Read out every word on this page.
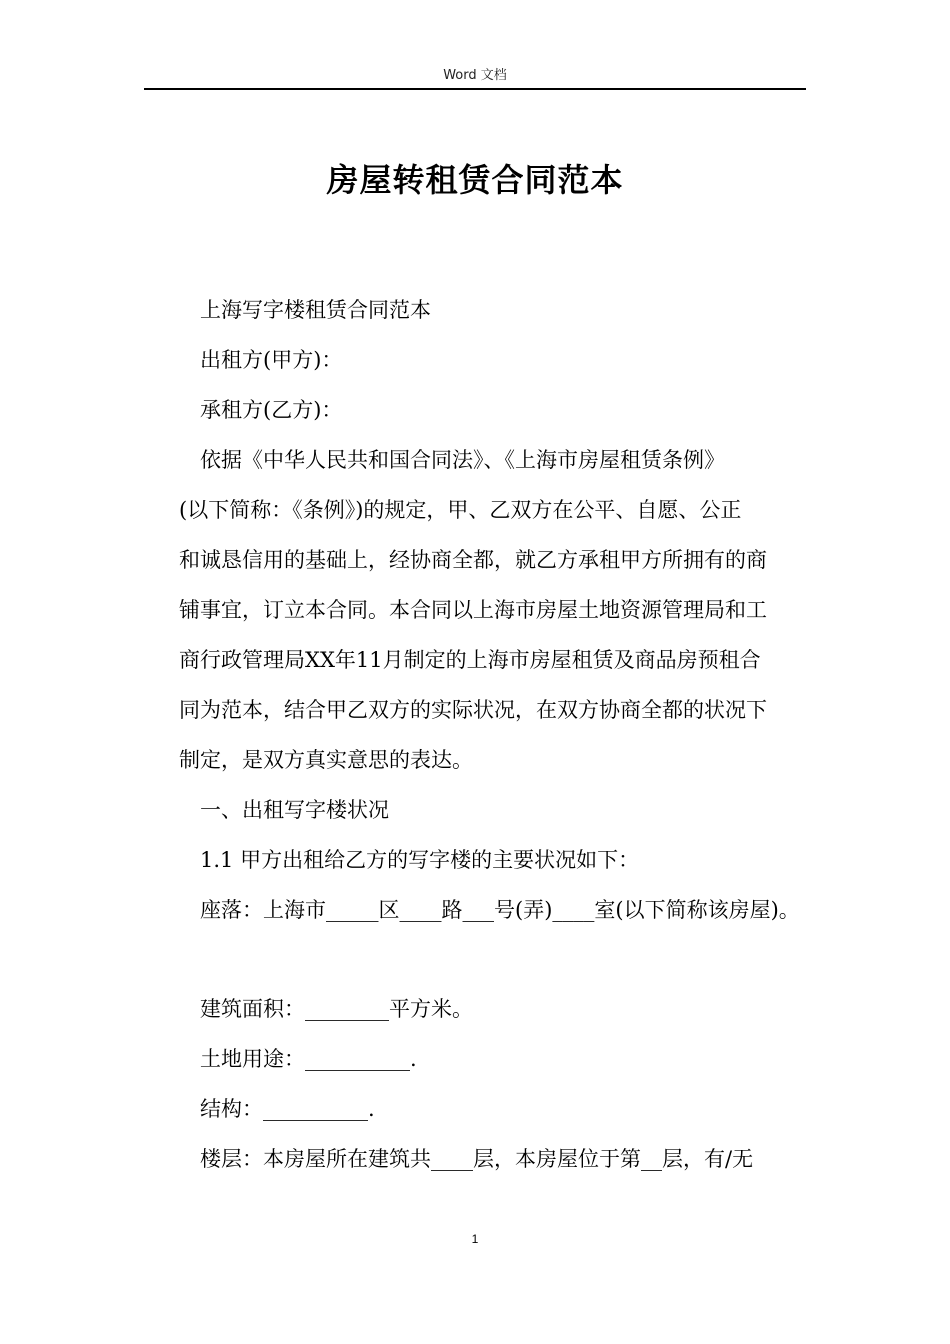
Word 文档
房屋转租赁合同范本
上海写字楼租赁合同范本
出租方(甲方)：
承租方(乙方)：
依据《中华人民共和国合同法》、《上海市房屋租赁条例》
(以下简称：《条例》)的规定，甲、乙双方在公平、自愿、公正
和诚恳信用的基础上，经协商全都，就乙方承租甲方所拥有的商
铺事宜，订立本合同。本合同以上海市房屋土地资源管理局和工
商行政管理局XX年11月制定的上海市房屋租赁及商品房预租合
同为范本，结合甲乙双方的实际状况，在双方协商全都的状况下
制定，是双方真实意思的表达。
一、出租写字楼状况
1.1 甲方出租给乙方的写字楼的主要状况如下：
座落：上海市_____区____路___号(弄)____室(以下简称该房屋)。
建筑面积：________平方米。
土地用途：__________.
结构：__________.
楼层：本房屋所在建筑共____层，本房屋位于第__层，有/无
1
